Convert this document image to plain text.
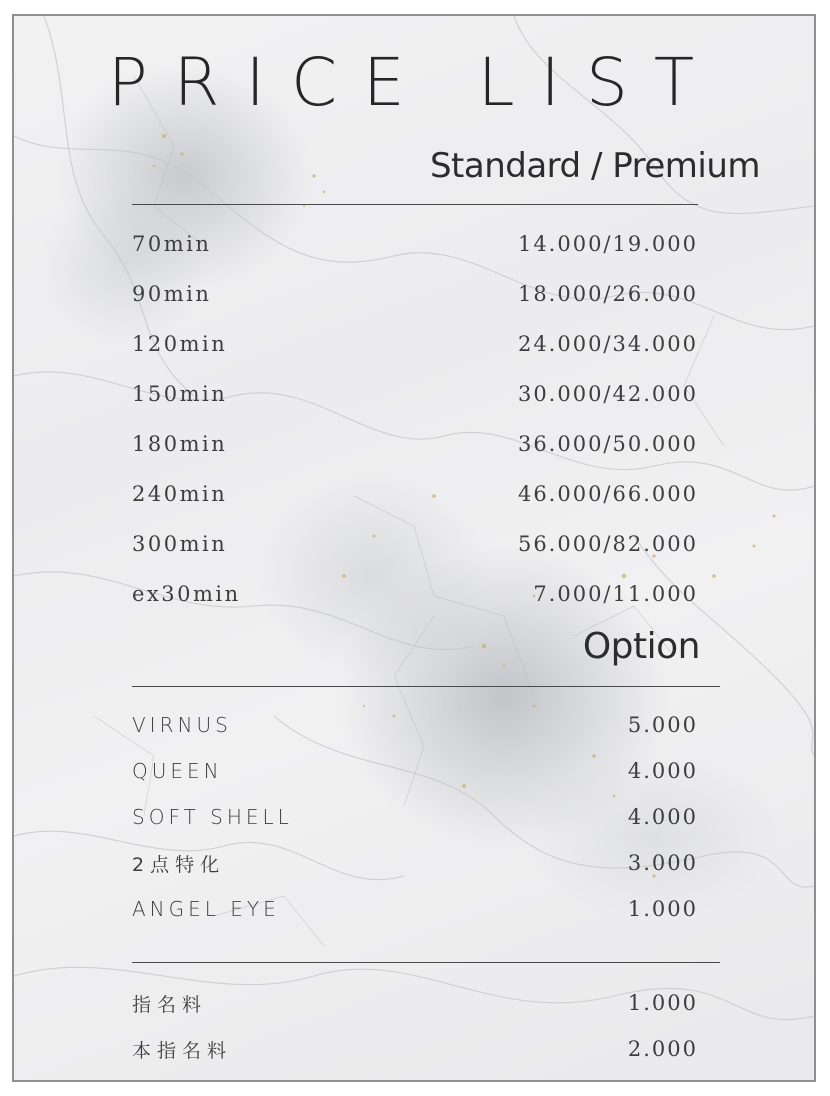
PRICE LIST
Standard / Premium
70min	14.000/19.000
90min	18.000/26.000
120min	24.000/34.000
150min	30.000/42.000
180min	36.000/50.000
240min	46.000/66.000
300min	56.000/82.000
ex30min	7.000/11.000
Option
VIRNUS	5.000
QUEEN	4.000
SOFT SHELL	4.000
2点特化	3.000
ANGEL EYE	1.000
指名料	1.000
本指名料	2.000
